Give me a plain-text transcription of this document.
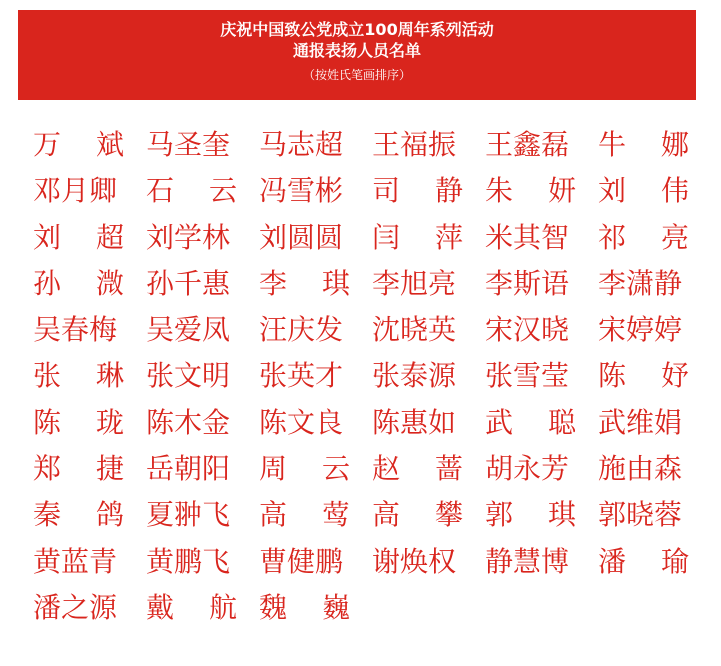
庆祝中国致公党成立100周年系列活动
通报表扬人员名单
（按姓氏笔画排序）
万 斌 马圣奎 马志超 王福振 王鑫磊 牛 娜
邓月卿 石 云 冯雪彬 司 静 朱 妍 刘 伟
刘 超 刘学林 刘圆圆 闫 萍 米其智 祁 亮
孙 溦 孙千惠 李 琪 李旭亮 李斯语 李潇静
吴春梅 吴爱凤 汪庆发 沈晓英 宋汉晓 宋婷婷
张 琳 张文明 张英才 张泰源 张雪莹 陈 妤
陈 珑 陈木金 陈文良 陈惠如 武 聪 武维娟
郑 捷 岳朝阳 周 云 赵 蔷 胡永芳 施由森
秦 鸽 夏翀飞 高 莺 高 攀 郭 琪 郭晓蓉
黄蓝青 黄鹏飞 曹健鹏 谢焕权 静慧博 潘 瑜
潘之源 戴 航 魏 巍
